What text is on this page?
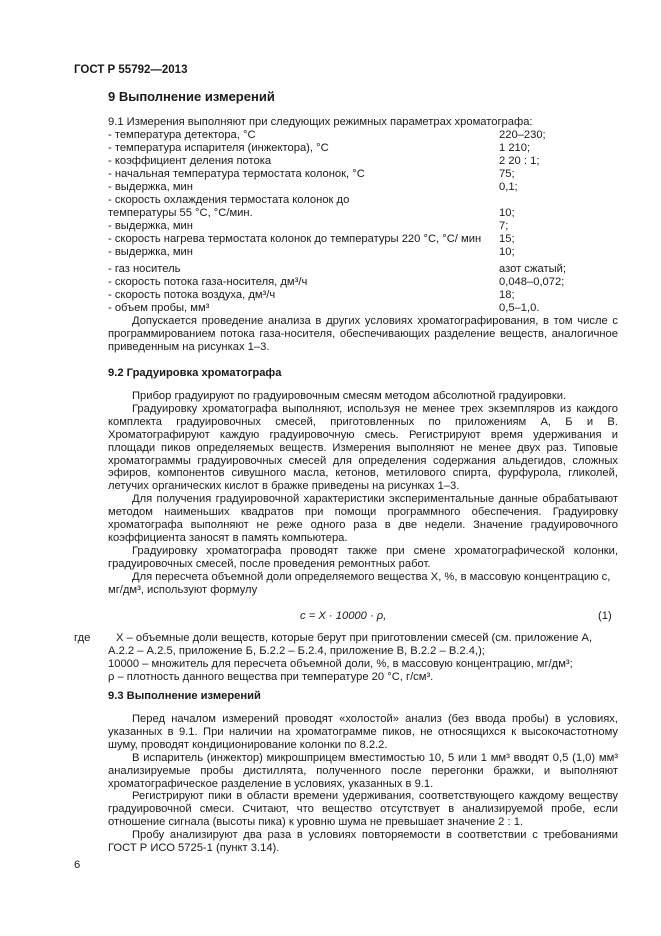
ГОСТ Р 55792—2013
9 Выполнение измерений
9.1 Измерения выполняют при следующих режимных параметрах хроматографа:
- температура детектора, °С	220–230;
- температура испарителя (инжектора), °С	1 210;
- коэффициент деления потока	2 20 : 1;
- начальная температура термостата колонок, °С	75;
- выдержка, мин	0,1;
- скорость охлаждения термостата колонок до
температуры 55 °С, °С/мин.	10;
- выдержка, мин	7;
- скорость нагрева термостата колонок до температуры 220 °С, °С/ мин 15;
- выдержка, мин	10;
- газ носитель	азот сжатый;
- скорость потока газа-носителя, дм³/ч	0,048–0,072;
- скорость потока воздуха, дм³/ч	18;
- объем пробы, мм³	0,5–1,0.

Допускается проведение анализа в других условиях хроматографирования, в том числе с программированием потока газа-носителя, обеспечивающих разделение веществ, аналогичное приведенным на рисунках 1–3.

9.2 Градуировка хроматографа

Прибор градуируют по градуировочным смесям методом абсолютной градуировки.

Градуировку хроматографа выполняют, используя не менее трех экземпляров из каждого комплекта градуировочных смесей, приготовленных по приложениям А, Б и В. Хроматографируют каждую градуировочную смесь. Регистрируют время удерживания и площади пиков определяемых веществ. Измерения выполняют не менее двух раз. Типовые хроматограммы градуировочных смесей для определения содержания альдегидов, сложных эфиров, компонентов сивушного масла, кетонов, метилового спирта, фурфурола, гликолей, летучих органических кислот в бражке приведены на рисунках 1–3.

Для получения градуировочной характеристики экспериментальные данные обрабатывают методом наименьших квадратов при помощи программного обеспечения. Градуировку хроматографа выполняют не реже одного раза в две недели. Значение градуировочного коэффициента заносят в память компьютера.

Градуировку хроматографа проводят также при смене хроматографической колонки, градуировочных смесей, после проведения ремонтных работ.

Для пересчета объемной доли определяемого вещества X, %, в массовую концентрацию c,

мг/дм³, используют формулу

c = X · 10000 · ρ,	(1)
где	X – объемные доли веществ, которые берут при приготовлении смесей (см. приложение А,

А.2.2 – А.2.5, приложение Б, Б.2.2 – Б.2.4, приложение В, В.2.2 – В.2.4,);

10000 – множитель для пересчета объемной доли, %, в массовую концентрацию, мг/дм³;

ρ – плотность данного вещества при температуре 20 °С, г/см³.

9.3 Выполнение измерений

Перед началом измерений проводят «холостой» анализ (без ввода пробы) в условиях, указанных в 9.1. При наличии на хроматограмме пиков, не относящихся к высокочастотному шуму, проводят кондиционирование колонки по 8.2.2.

В испаритель (инжектор) микрошприцем вместимостью 10, 5 или 1 мм³ вводят 0,5 (1,0) мм³ анализируемые пробы дистиллята, полученного после перегонки бражки, и выполняют хроматографическое разделение в условиях, указанных в 9.1.

Регистрируют пики в области времени удерживания, соответствующего каждому веществу градуировочной смеси. Считают, что вещество отсутствует в анализируемой пробе, если отношение сигнала (высоты пика) к уровню шума не превышает значение 2 : 1.

Пробу анализируют два раза в условиях повторяемости в соответствии с требованиями ГОСТ Р ИСО 5725-1 (пункт 3.14).

6
